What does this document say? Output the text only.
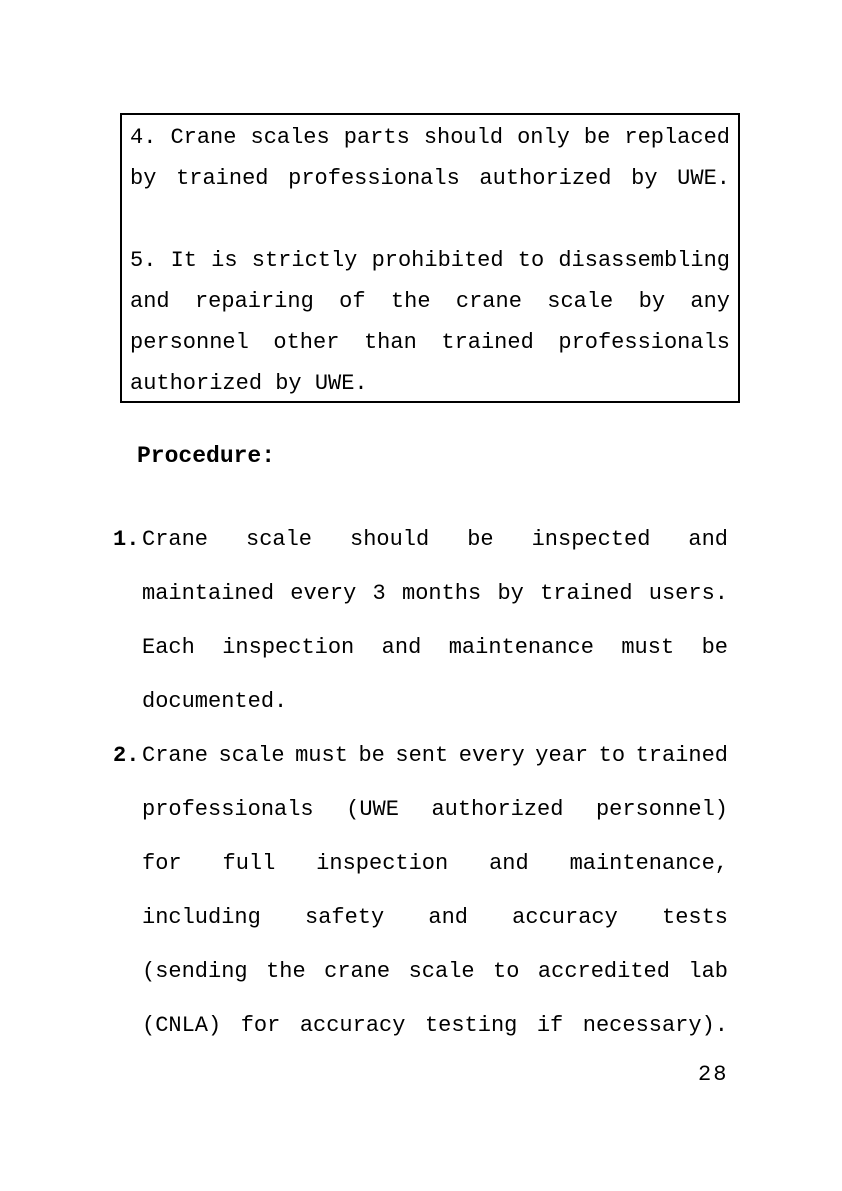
4. Crane scales parts should only be replaced
by trained professionals authorized by UWE.
5. It is strictly prohibited to disassembling
and repairing of the crane scale by any
personnel other than trained professionals
authorized by UWE.
Procedure:
1. Crane scale should be inspected and
maintained every 3 months by trained users.
Each inspection and maintenance must be
documented.
2. Crane scale must be sent every year to trained
professionals (UWE authorized personnel)
for full inspection and maintenance,
including safety and accuracy tests
(sending the crane scale to accredited lab
(CNLA) for accuracy testing if necessary).
28
